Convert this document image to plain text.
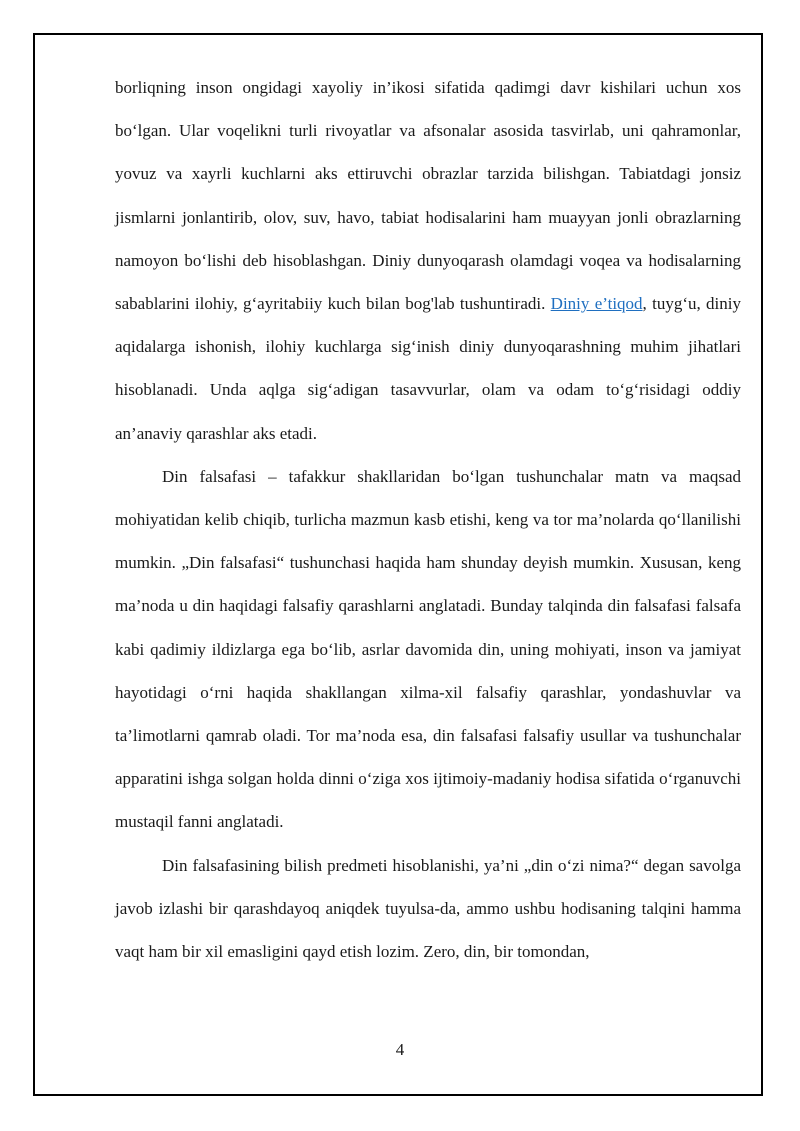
borliqning inson ongidagi xayoliy in’ikosi sifatida qadimgi davr kishilari uchun xos bo‘lgan. Ular voqelikni turli rivoyatlar va afsonalar asosida tasvirlab, uni qahramonlar, yovuz va xayrli kuchlarni aks ettiruvchi obrazlar tarzida bilishgan. Tabiatdagi jonsiz jismlarni jonlantirib, olov, suv, havo, tabiat hodisalarini ham muayyan jonli obrazlarning namoyon bo‘lishi deb hisoblashgan. Diniy dunyoqarash olamdagi voqea va hodisalarning sabablarini ilohiy, g‘ayritabiiy kuch bilan bog'lab tushuntiradi. Diniy e’tiqod, tuyg‘u, diniy aqidalarga ishonish, ilohiy kuchlarga sig‘inish diniy dunyoqarashning muhim jihatlari hisoblanadi. Unda aqlga sig‘adigan tasavvurlar, olam va odam to‘g‘risidagi oddiy an’anaviy qarashlar aks etadi.

Din falsafasi – tafakkur shakllaridan bo‘lgan tushunchalar matn va maqsad mohiyatidan kelib chiqib, turlicha mazmun kasb etishi, keng va tor ma’nolarda qo‘llanilishi mumkin. „Din falsafasi“ tushunchasi haqida ham shunday deyish mumkin. Xususan, keng ma’noda u din haqidagi falsafiy qarashlarni anglatadi. Bunday talqinda din falsafasi falsafa kabi qadimiy ildizlarga ega bo‘lib, asrlar davomida din, uning mohiyati, inson va jamiyat hayotidagi o‘rni haqida shakllangan xilma-xil falsafiy qarashlar, yondashuvlar va ta’limotlarni qamrab oladi. Tor ma’noda esa, din falsafasi falsafiy usullar va tushunchalar apparatini ishga solgan holda dinni o‘ziga xos ijtimoiy-madaniy hodisa sifatida o‘rganuvchi mustaqil fanni anglatadi.

Din falsafasining bilish predmeti hisoblanishi, ya’ni „din o‘zi nima?“ degan savolga javob izlashi bir qarashdayoq aniqdek tuyulsa-da, ammo ushbu hodisaning talqini hamma vaqt ham bir xil emasligini qayd etish lozim. Zero, din, bir tomondan,

4
